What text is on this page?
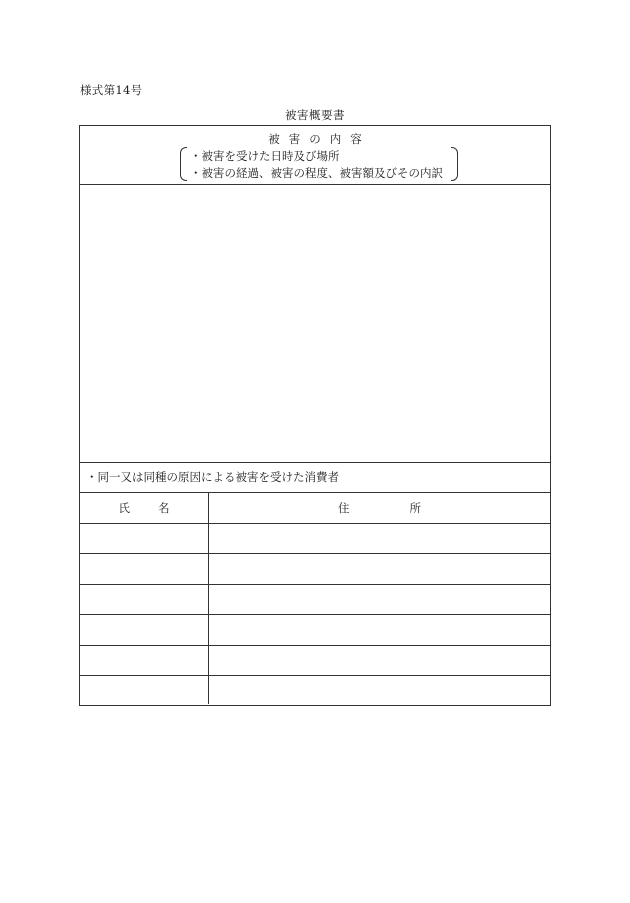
様式第14号
被害概要書
被害の内容
・被害を受けた日時及び場所
・被害の経過、被害の程度、被害額及びその内訳
・同一又は同種の原因による被害を受けた消費者
氏名	住所
